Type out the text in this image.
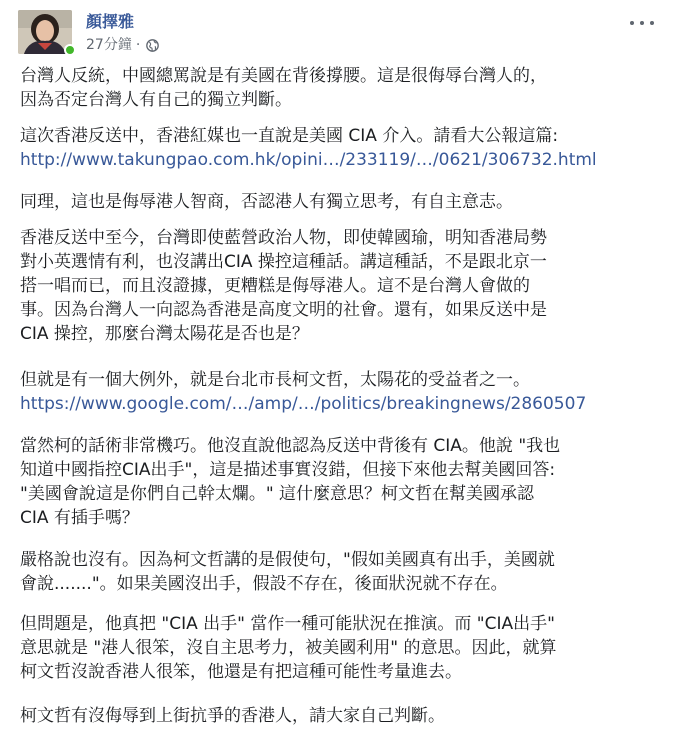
顏擇雅
27分鐘 ·

台灣人反統，中國總罵說是有美國在背後撐腰。這是很侮辱台灣人的，
因為否定台灣人有自己的獨立判斷。

這次香港反送中，香港紅媒也一直說是美國 CIA 介入。請看大公報這篇:
http://www.takungpao.com.hk/opini…/233119/…/0621/306732.html

同理，這也是侮辱港人智商，否認港人有獨立思考，有自主意志。

香港反送中至今，台灣即使藍營政治人物，即使韓國瑜，明知香港局勢
對小英選情有利，也沒講出CIA 操控這種話。講這種話，不是跟北京一
搭一唱而已，而且沒證據，更糟糕是侮辱港人。這不是台灣人會做的
事。因為台灣人一向認為香港是高度文明的社會。還有，如果反送中是
CIA 操控，那麼台灣太陽花是否也是？

但就是有一個大例外，就是台北市長柯文哲，太陽花的受益者之一。
https://www.google.com/…/amp/…/politics/breakingnews/2860507

當然柯的話術非常機巧。他沒直說他認為反送中背後有 CIA。他說 "我也
知道中國指控CIA出手"，這是描述事實沒錯，但接下來他去幫美國回答:
"美國會說這是你們自己幹太爛。" 這什麼意思？柯文哲在幫美國承認
CIA 有插手嗎？

嚴格說也沒有。因為柯文哲講的是假使句，"假如美國真有出手，美國就
會說......."。如果美國沒出手，假設不存在，後面狀況就不存在。

但問題是，他真把 "CIA 出手" 當作一種可能狀況在推演。而 "CIA出手"
意思就是 "港人很笨，沒自主思考力，被美國利用" 的意思。因此，就算
柯文哲沒說香港人很笨，他還是有把這種可能性考量進去。

柯文哲有沒侮辱到上街抗爭的香港人，請大家自己判斷。
